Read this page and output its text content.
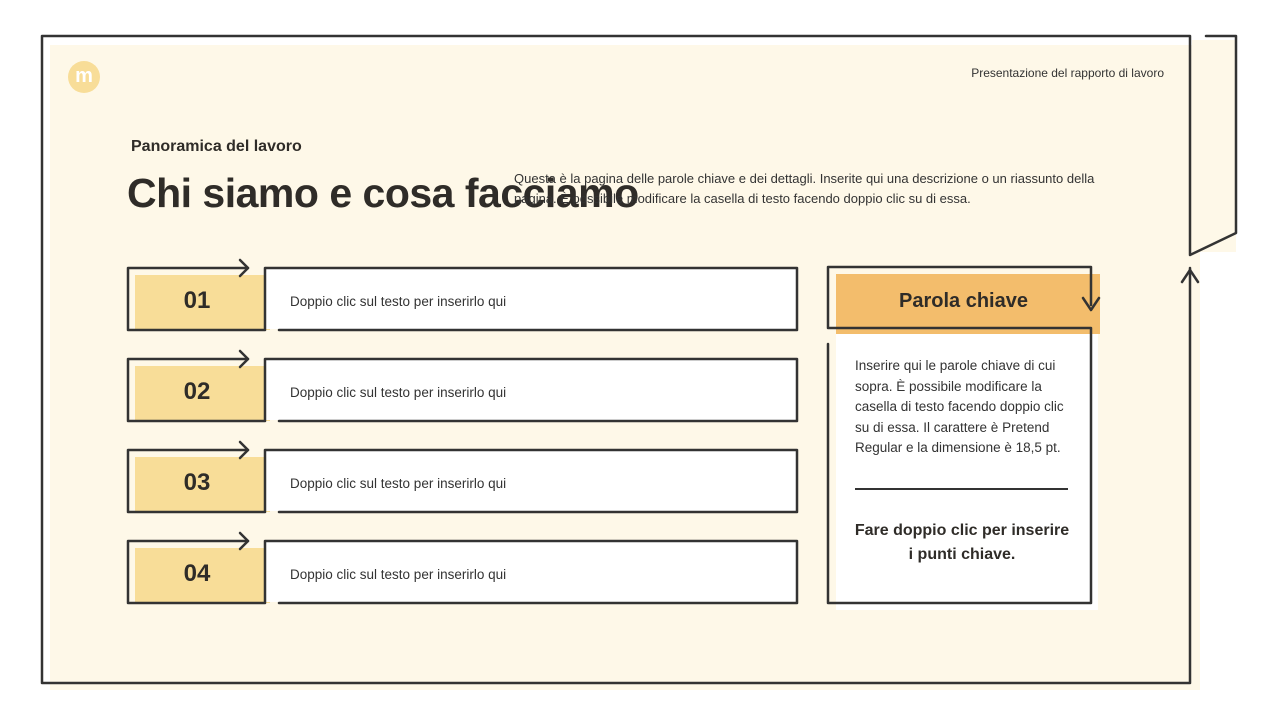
m	Presentazione del rapporto di lavoro
Panoramica del lavoro
Chi siamo e cosa facciamo
Questa è la pagina delle parole chiave e dei dettagli. Inserite qui una descrizione o un riassunto della pagina. È possibile modificare la casella di testo facendo doppio clic su di essa.
01	Doppio clic sul testo per inserirlo qui
02	Doppio clic sul testo per inserirlo qui
03	Doppio clic sul testo per inserirlo qui
04	Doppio clic sul testo per inserirlo qui
Parola chiave
Inserire qui le parole chiave di cui sopra. È possibile modificare la casella di testo facendo doppio clic su di essa. Il carattere è Pretend Regular e la dimensione è 18,5 pt.
Fare doppio clic per inserire i punti chiave.
